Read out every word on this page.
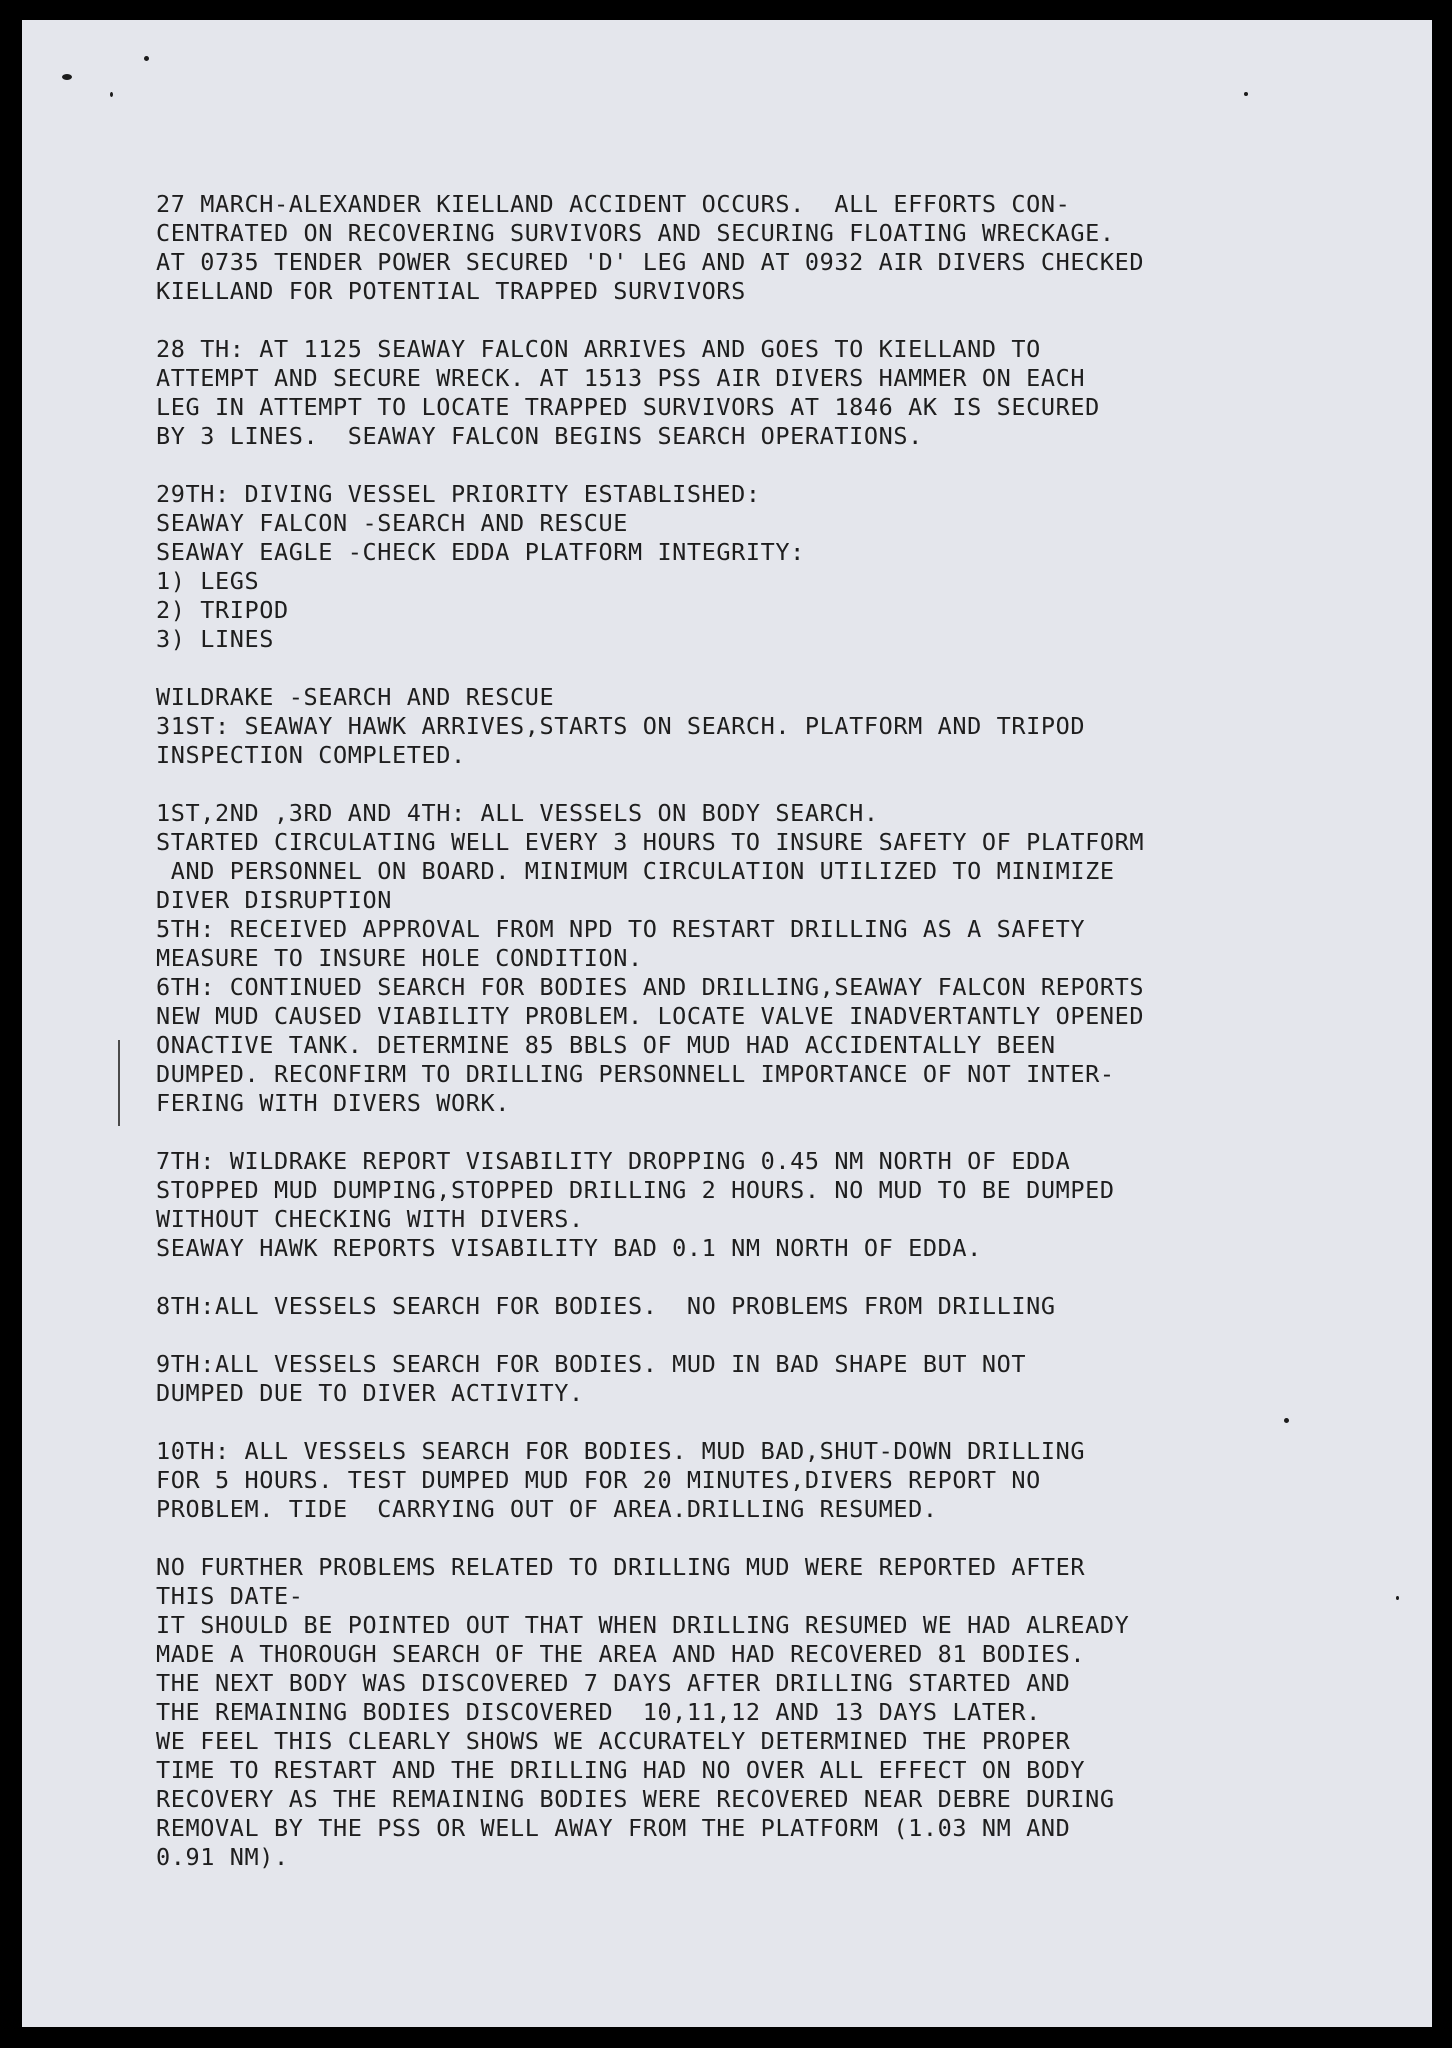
27 MARCH-ALEXANDER KIELLAND ACCIDENT OCCURS.  ALL EFFORTS CON-
CENTRATED ON RECOVERING SURVIVORS AND SECURING FLOATING WRECKAGE.
AT 0735 TENDER POWER SECURED 'D' LEG AND AT 0932 AIR DIVERS CHECKED
KIELLAND FOR POTENTIAL TRAPPED SURVIVORS
28 TH: AT 1125 SEAWAY FALCON ARRIVES AND GOES TO KIELLAND TO
ATTEMPT AND SECURE WRECK. AT 1513 PSS AIR DIVERS HAMMER ON EACH
LEG IN ATTEMPT TO LOCATE TRAPPED SURVIVORS AT 1846 AK IS SECURED
BY 3 LINES.  SEAWAY FALCON BEGINS SEARCH OPERATIONS.
29TH: DIVING VESSEL PRIORITY ESTABLISHED:
SEAWAY FALCON -SEARCH AND RESCUE
SEAWAY EAGLE -CHECK EDDA PLATFORM INTEGRITY:
1) LEGS
2) TRIPOD
3) LINES
WILDRAKE -SEARCH AND RESCUE
31ST: SEAWAY HAWK ARRIVES,STARTS ON SEARCH. PLATFORM AND TRIPOD
INSPECTION COMPLETED.
1ST,2ND ,3RD AND 4TH: ALL VESSELS ON BODY SEARCH.
STARTED CIRCULATING WELL EVERY 3 HOURS TO INSURE SAFETY OF PLATFORM
AND PERSONNEL ON BOARD. MINIMUM CIRCULATION UTILIZED TO MINIMIZE
DIVER DISRUPTION
5TH: RECEIVED APPROVAL FROM NPD TO RESTART DRILLING AS A SAFETY
MEASURE TO INSURE HOLE CONDITION.
6TH: CONTINUED SEARCH FOR BODIES AND DRILLING,SEAWAY FALCON REPORTS
NEW MUD CAUSED VIABILITY PROBLEM. LOCATE VALVE INADVERTANTLY OPENED
ONACTIVE TANK. DETERMINE 85 BBLS OF MUD HAD ACCIDENTALLY BEEN
DUMPED. RECONFIRM TO DRILLING PERSONNELL IMPORTANCE OF NOT INTER-
FERING WITH DIVERS WORK.
7TH: WILDRAKE REPORT VISABILITY DROPPING 0.45 NM NORTH OF EDDA
STOPPED MUD DUMPING,STOPPED DRILLING 2 HOURS. NO MUD TO BE DUMPED
WITHOUT CHECKING WITH DIVERS.
SEAWAY HAWK REPORTS VISABILITY BAD 0.1 NM NORTH OF EDDA.
8TH:ALL VESSELS SEARCH FOR BODIES.  NO PROBLEMS FROM DRILLING
9TH:ALL VESSELS SEARCH FOR BODIES. MUD IN BAD SHAPE BUT NOT
DUMPED DUE TO DIVER ACTIVITY.
10TH: ALL VESSELS SEARCH FOR BODIES. MUD BAD,SHUT-DOWN DRILLING
FOR 5 HOURS. TEST DUMPED MUD FOR 20 MINUTES,DIVERS REPORT NO
PROBLEM. TIDE  CARRYING OUT OF AREA.DRILLING RESUMED.
NO FURTHER PROBLEMS RELATED TO DRILLING MUD WERE REPORTED AFTER
THIS DATE-
IT SHOULD BE POINTED OUT THAT WHEN DRILLING RESUMED WE HAD ALREADY
MADE A THOROUGH SEARCH OF THE AREA AND HAD RECOVERED 81 BODIES.
THE NEXT BODY WAS DISCOVERED 7 DAYS AFTER DRILLING STARTED AND
THE REMAINING BODIES DISCOVERED  10,11,12 AND 13 DAYS LATER.
WE FEEL THIS CLEARLY SHOWS WE ACCURATELY DETERMINED THE PROPER
TIME TO RESTART AND THE DRILLING HAD NO OVER ALL EFFECT ON BODY
RECOVERY AS THE REMAINING BODIES WERE RECOVERED NEAR DEBRE DURING
REMOVAL BY THE PSS OR WELL AWAY FROM THE PLATFORM (1.03 NM AND
0.91 NM).
